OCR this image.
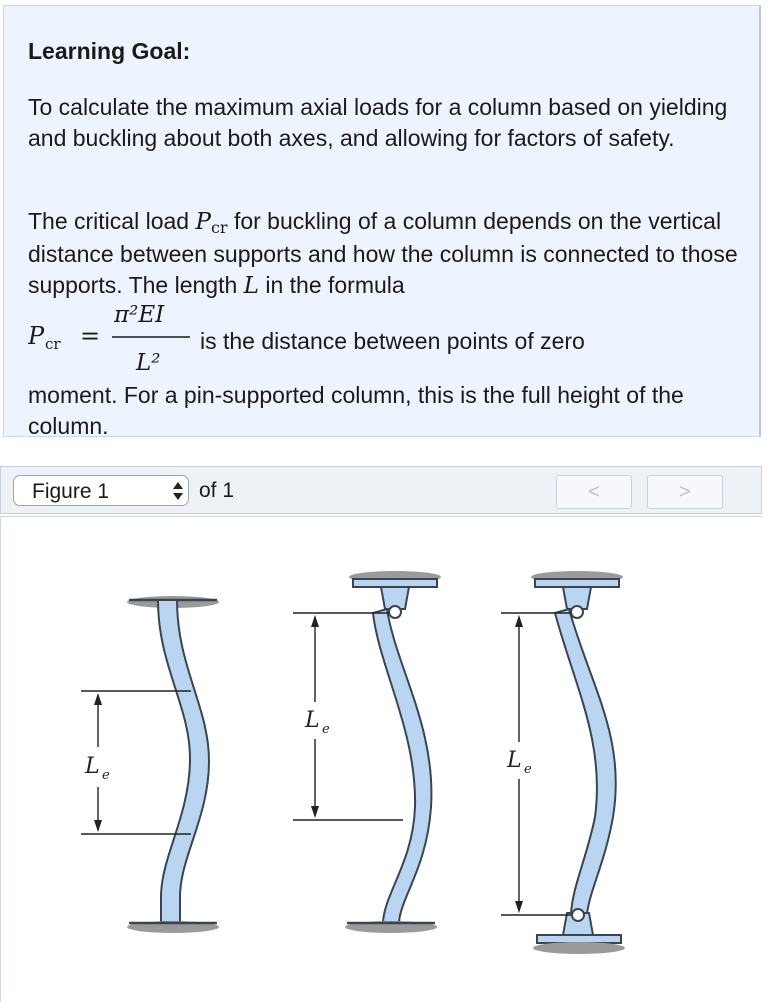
Learning Goal:
To calculate the maximum axial loads for a column based on yielding and buckling about both axes, and allowing for factors of safety.
The critical load Pcr for buckling of a column depends on the vertical distance between supports and how the column is connected to those supports. The length L in the formula
P cr =
π²EI
L²
is the distance between points of zero
moment. For a pin-supported column, this is the full height of the column.
Figure 1	of 1	<	>
L e
L e
L e
